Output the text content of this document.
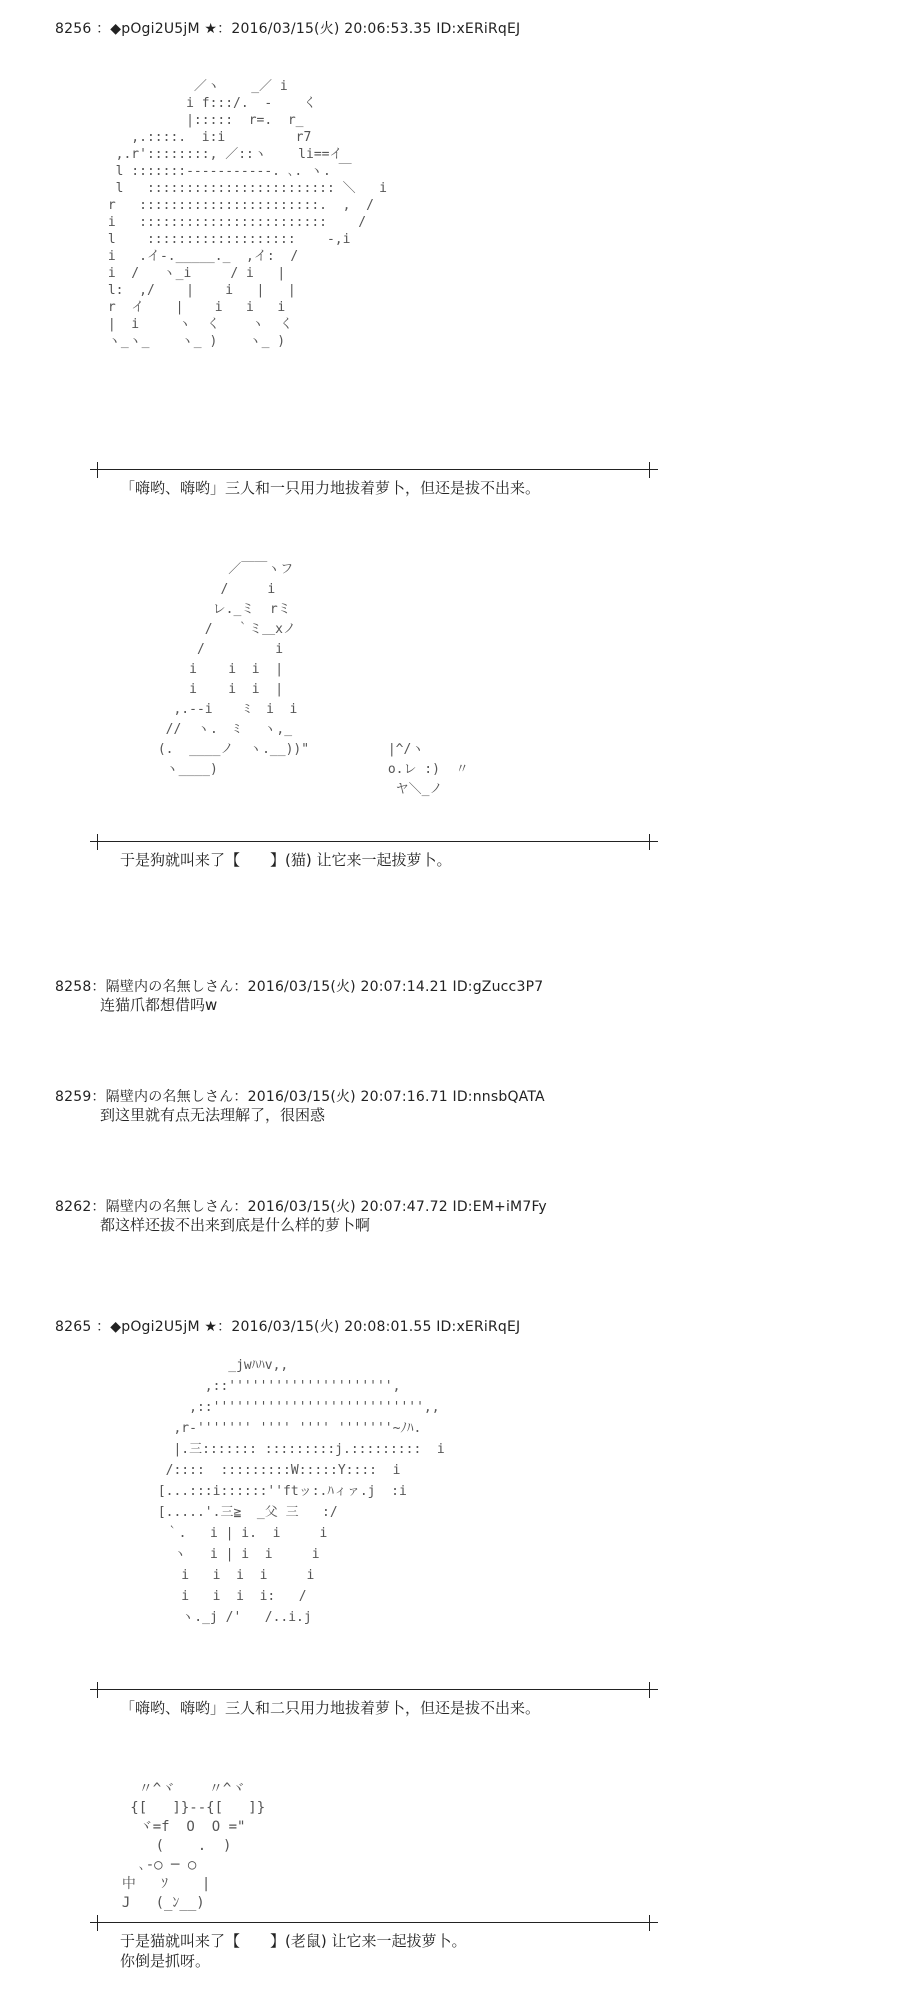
8256 ：◆pOgi2U5jM ★：2016/03/15(火) 20:06:53.35 ID:xERiRqEJ
／ヽ    _／ i
i f:::/.  ‐    く
|:::::  r=.  r_
,.::::.  i:i         r7
,.r'::::::::, ／::ヽ    li==イ
l :::::::-----------. ､. ヽ. ￣
l   :::::::::::::::::::::::: ＼   i
r   :::::::::::::::::::::::.  ,  /
i   ::::::::::::::::::::::::    /
l    :::::::::::::::::::    -,i
i   .イ-._____._  ,イ:  /
i  /   ヽ_i     / i   |
l:  ,/    |    i   |   |
r  イ    |    i   i   i
|  i     ヽ  く    ヽ  く
ヽ_ヽ_    ヽ_ )    ヽ_ )
「嗨哟、嗨哟」三人和一只用力地拔着萝卜，但还是拔不出来。
／￣￣ヽフ
/     i
レ._ミ  rミ
/   ｀ミ＿xノ
/         i
i    i  i  |
i    i  i  |
,.-‐i    ﾐ  i  i
//  ヽ.  ﾐ   ヽ,_
(.  ____ノ  ヽ.__))"
ヽ____)
|^/ヽ
o.レ :)  〃
ヤ＼_ノ
于是狗就叫来了【　　】(猫) 让它来一起拔萝卜。
8258：隔壁内の名無しさん：2016/03/15(火) 20:07:14.21 ID:gZucc3P7
连猫爪都想借吗w
8259：隔壁内の名無しさん：2016/03/15(火) 20:07:16.71 ID:nnsbQATA
到这里就有点无法理解了，很困惑
8262：隔壁内の名無しさん：2016/03/15(火) 20:07:47.72 ID:EM+iM7Fy
都这样还拔不出来到底是什么样的萝卜啊
8265 ：◆pOgi2U5jM ★：2016/03/15(火) 20:08:01.55 ID:xERiRqEJ
_jwﾊﾊv,,
,::''''''''''''''''''''',
,::''''''''''''''''''''''''''',,
,r-''''''' '''' '''' '''''''~ﾉﾊ.
|.三::::::: :::::::::j.:::::::::  i
/::::  :::::::::W:::::Y::::  i
[...:::i::::::''ftッ:.ﾊィァ.j  :i
[.....'.三≧  _父 三   :/
｀.   i | i.  i     i
ヽ   i | i  i     i
i   i  i  i     i
i   i  i  i:   /
ヽ._j /'   /..i.j
「嗨哟、嗨哟」三人和二只用力地拔着萝卜，但还是拔不出来。
〃^ヾ    〃^ヾ
{[   ]}--{[   ]}
ヾ=f  O  O ="
(    .  )
､-○ ─ ○
中   ｿ    |
J   (_ﾝ__)
于是猫就叫来了【　　】(老鼠) 让它来一起拔萝卜。
你倒是抓呀。
